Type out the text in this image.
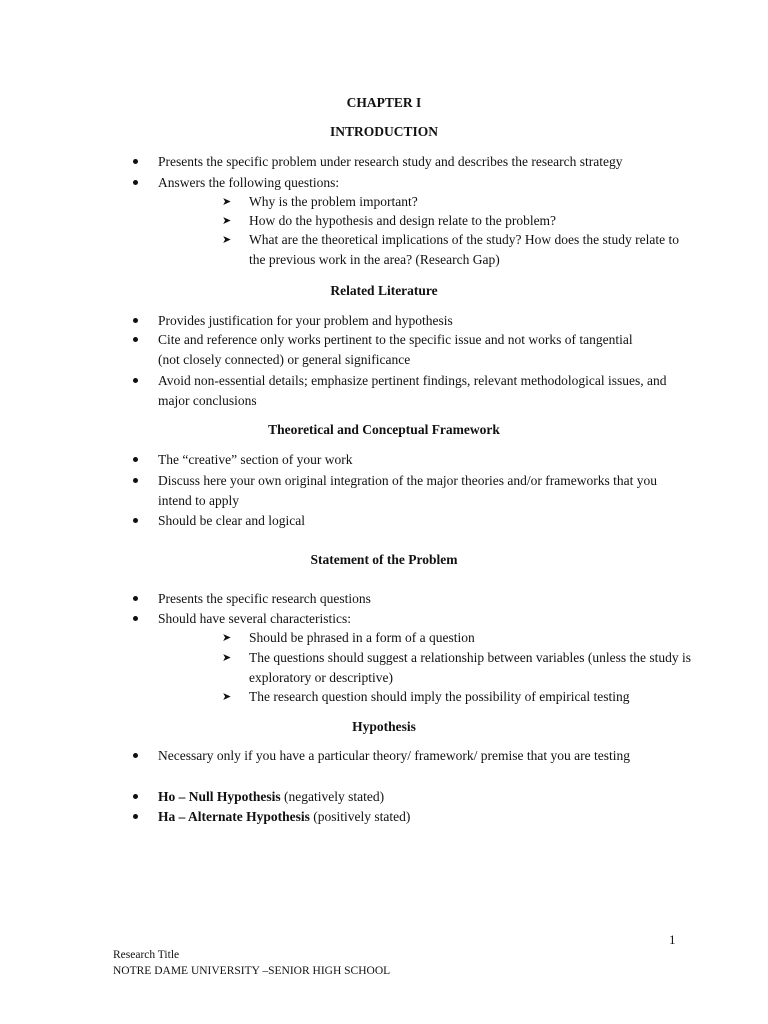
CHAPTER I
INTRODUCTION
Presents the specific problem under research study and describes the research strategy
Answers the following questions:
➤ Why is the problem important?
➤ How do the hypothesis and design relate to the problem?
➤ What are the theoretical implications of the study? How does the study relate to the previous work in the area? (Research Gap)
Related Literature
Provides justification for your problem and hypothesis
Cite and reference only works pertinent to the specific issue and not works of tangential (not closely connected) or general significance
Avoid non-essential details; emphasize pertinent findings, relevant methodological issues, and major conclusions
Theoretical and Conceptual Framework
The “creative” section of your work
Discuss here your own original integration of the major theories and/or frameworks that you intend to apply
Should be clear and logical
Statement of the Problem
Presents the specific research questions
Should have several characteristics:
➤ Should be phrased in a form of a question
➤ The questions should suggest a relationship between variables (unless the study is exploratory or descriptive)
➤ The research question should imply the possibility of empirical testing
Hypothesis
Necessary only if you have a particular theory/ framework/ premise that you are testing
Ho – Null Hypothesis (negatively stated)
Ha – Alternate Hypothesis (positively stated)
1
Research Title
NOTRE DAME UNIVERSITY –SENIOR HIGH SCHOOL
